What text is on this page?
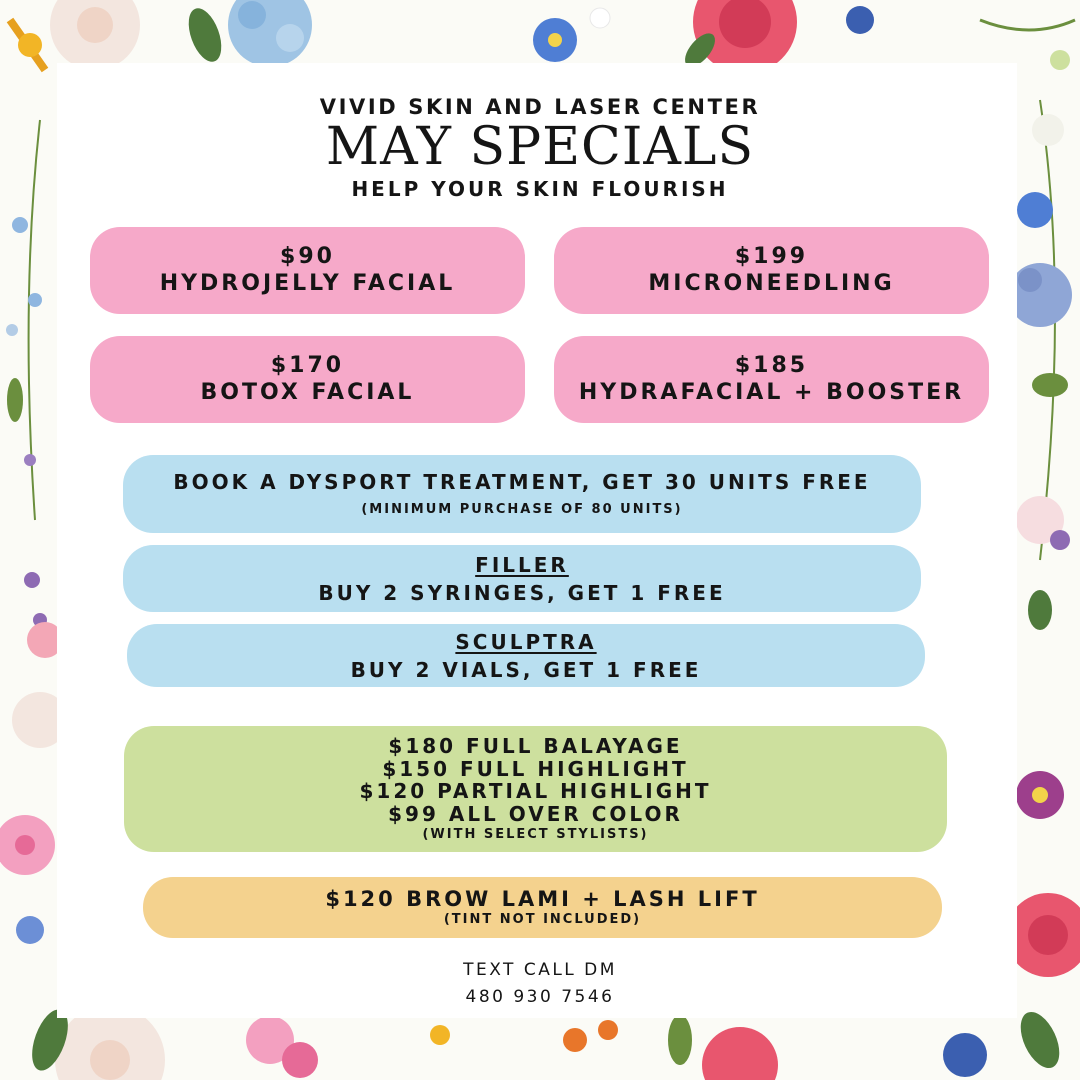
VIVID SKIN AND LASER CENTER
MAY SPECIALS
HELP YOUR SKIN FLOURISH
$90
HYDROJELLY FACIAL
$199
MICRONEEDLING
$170
BOTOX FACIAL
$185
HYDRAFACIAL + BOOSTER
BOOK A DYSPORT TREATMENT, GET 30 UNITS FREE
(MINIMUM PURCHASE OF 80 UNITS)
FILLER
BUY 2 SYRINGES, GET 1 FREE
SCULPTRA
BUY 2 VIALS, GET 1 FREE
$180 FULL BALAYAGE
$150 FULL HIGHLIGHT
$120 PARTIAL HIGHLIGHT
$99 ALL OVER COLOR
(WITH SELECT STYLISTS)
$120 BROW LAMI + LASH LIFT
(TINT NOT INCLUDED)
TEXT CALL DM
480 930 7546
